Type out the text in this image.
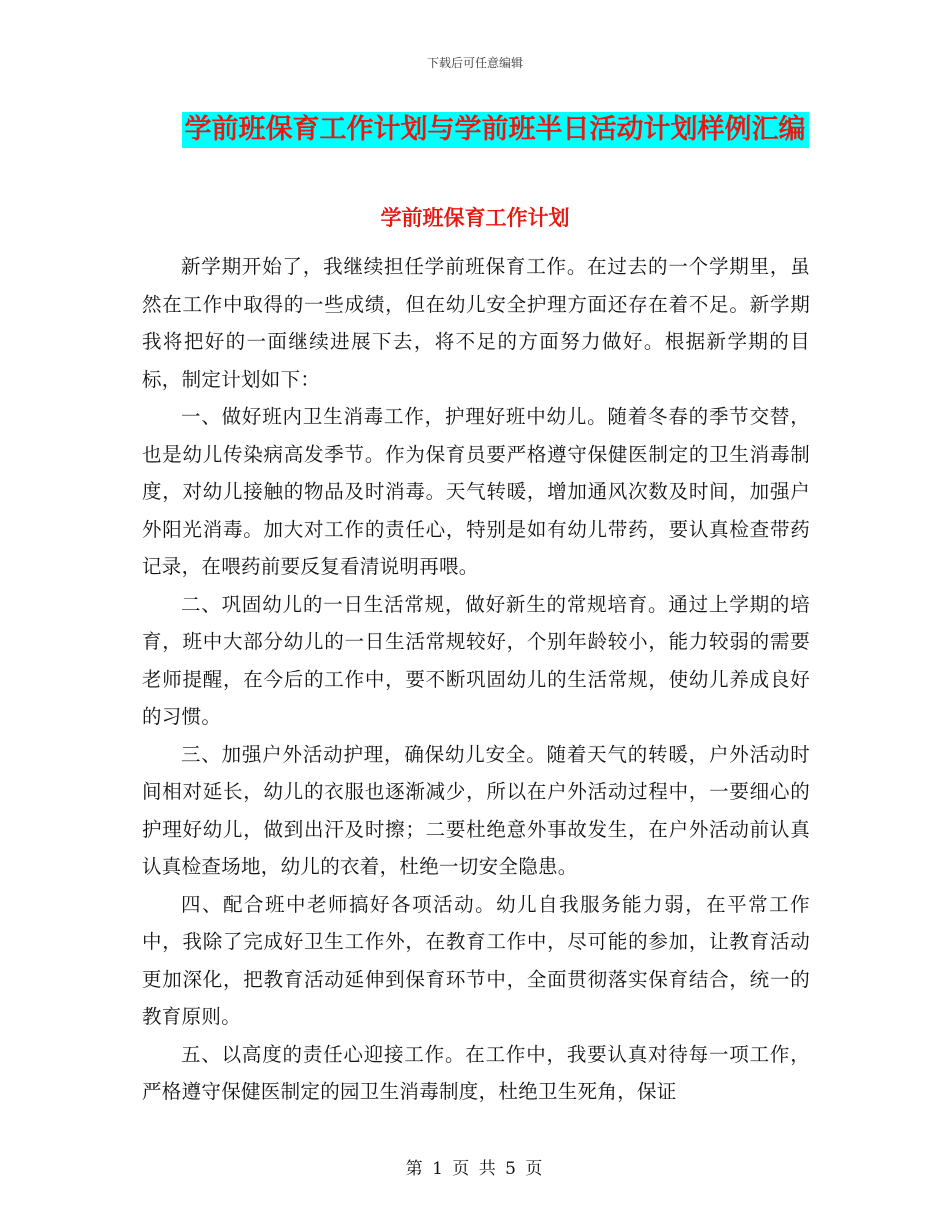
下载后可任意编辑
学前班保育工作计划与学前班半日活动计划样例汇编
学前班保育工作计划

新学期开始了，我继续担任学前班保育工作。在过去的一个学期里，虽然在工作中取得的一些成绩，但在幼儿安全护理方面还存在着不足。新学期我将把好的一面继续进展下去，将不足的方面努力做好。根据新学期的目标，制定计划如下：

一、做好班内卫生消毒工作，护理好班中幼儿。随着冬春的季节交替，也是幼儿传染病高发季节。作为保育员要严格遵守保健医制定的卫生消毒制度，对幼儿接触的物品及时消毒。天气转暖，增加通风次数及时间，加强户外阳光消毒。加大对工作的责任心，特别是如有幼儿带药，要认真检查带药记录，在喂药前要反复看清说明再喂。

二、巩固幼儿的一日生活常规，做好新生的常规培育。通过上学期的培育，班中大部分幼儿的一日生活常规较好，个别年龄较小，能力较弱的需要老师提醒，在今后的工作中，要不断巩固幼儿的生活常规，使幼儿养成良好的习惯。

三、加强户外活动护理，确保幼儿安全。随着天气的转暖，户外活动时间相对延长，幼儿的衣服也逐渐减少，所以在户外活动过程中，一要细心的护理好幼儿，做到出汗及时擦；二要杜绝意外事故发生，在户外活动前认真认真检查场地，幼儿的衣着，杜绝一切安全隐患。

四、配合班中老师搞好各项活动。幼儿自我服务能力弱，在平常工作中，我除了完成好卫生工作外，在教育工作中，尽可能的参加，让教育活动更加深化，把教育活动延伸到保育环节中，全面贯彻落实保育结合，统一的教育原则。

五、以高度的责任心迎接工作。在工作中，我要认真对待每一项工作，严格遵守保健医制定的园卫生消毒制度，杜绝卫生死角，保证

第 1 页 共 5 页
